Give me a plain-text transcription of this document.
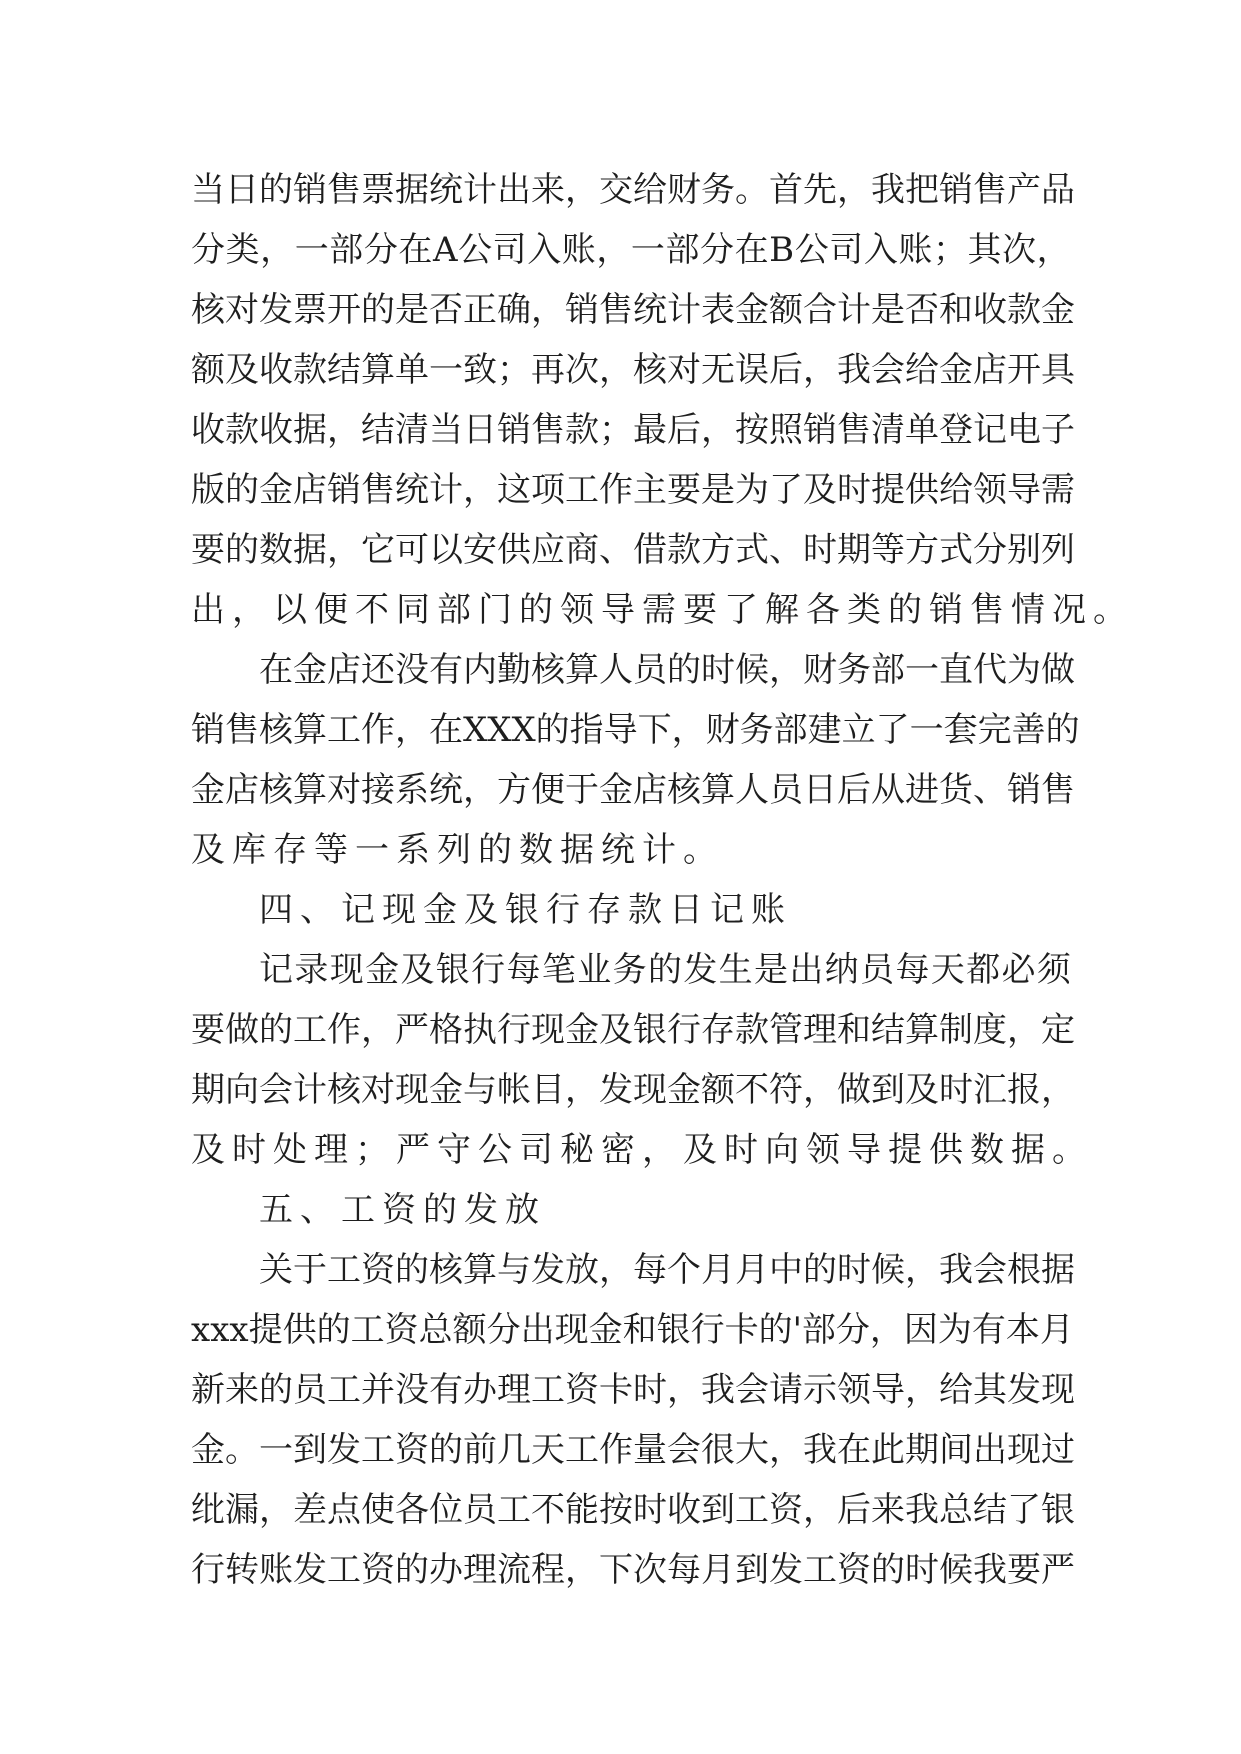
当 日 的 销 售 票 据 统 计 出 来 ， 交 给 财 务 。 首 先 ， 我 把 销 售 产 品
分 类 ， 一 部 分 在 A 公 司 入 账 ， 一 部 分 在 B 公 司 入 账 ； 其 次 ，
核 对 发 票 开 的 是 否 正 确 ， 销 售 统 计 表 金 额 合 计 是 否 和 收 款 金
额 及 收 款 结 算 单 一 致 ； 再 次 ， 核 对 无 误 后 ， 我 会 给 金 店 开 具
收 款 收 据 ， 结 清 当 日 销 售 款 ； 最 后 ， 按 照 销 售 清 单 登 记 电 子
版 的 金 店 销 售 统 计 ， 这 项 工 作 主 要 是 为 了 及 时 提 供 给 领 导 需
要 的 数 据 ， 它 可 以 安 供 应 商 、 借 款 方 式 、 时 期 等 方 式 分 别 列
出，以便不同部门的领导需要了解各类的销售情况。
在 金 店 还 没 有 内 勤 核 算 人 员 的 时 候 ， 财 务 部 一 直 代 为 做
销 售 核 算 工 作 ， 在 X X X 的 指 导 下 ， 财 务 部 建 立 了 一 套 完 善 的
金 店 核 算 对 接 系 统 ， 方 便 于 金 店 核 算 人 员 日 后 从 进 货 、 销 售
及库存等一系列的数据统计。
四、记现金及银行存款日记账
记 录 现 金 及 银 行 每 笔 业 务 的 发 生 是 出 纳 员 每 天 都 必 须
要 做 的 工 作 ， 严 格 执 行 现 金 及 银 行 存 款 管 理 和 结 算 制 度 ， 定
期 向 会 计 核 对 现 金 与 帐 目 ， 发 现 金 额 不 符 ， 做 到 及 时 汇 报 ，
及时处理；严守公司秘密，及时向领导提供数据。
五、工资的发放
关 于 工 资 的 核 算 与 发 放 ， 每 个 月 月 中 的 时 候 ， 我 会 根 据
x x x 提 供 的 工 资 总 额 分 出 现 金 和 银 行 卡 的 ' 部 分 ， 因 为 有 本 月
新 来 的 员 工 并 没 有 办 理 工 资 卡 时 ， 我 会 请 示 领 导 ， 给 其 发 现
金 。 一 到 发 工 资 的 前 几 天 工 作 量 会 很 大 ， 我 在 此 期 间 出 现 过
纰 漏 ， 差 点 使 各 位 员 工 不 能 按 时 收 到 工 资 ， 后 来 我 总 结 了 银
行 转 账 发 工 资 的 办 理 流 程 ， 下 次 每 月 到 发 工 资 的 时 候 我 要 严
